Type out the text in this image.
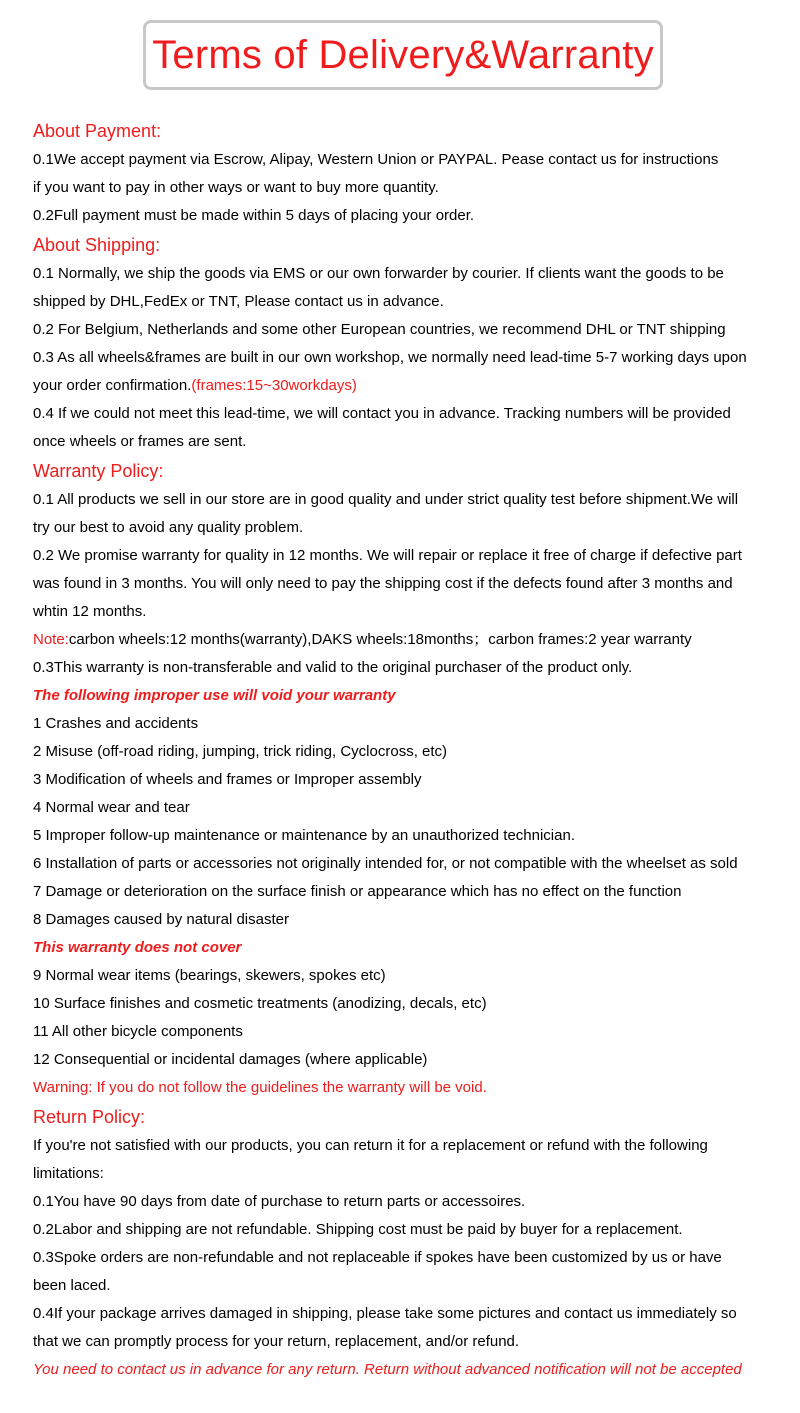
Terms of Delivery&Warranty
About Payment:
0.1We accept payment via Escrow, Alipay, Western Union or PAYPAL. Pease contact us for instructions
if you want to pay in other ways or want to buy more quantity.
0.2Full payment must be made within 5 days of placing your order.
About Shipping:
0.1 Normally, we ship the goods via EMS or our own forwarder by courier. If clients want the goods to be
shipped by DHL,FedEx or TNT, Please contact us in advance.
0.2 For Belgium, Netherlands and some other European countries, we recommend DHL or TNT shipping
0.3 As all wheels&frames are built in our own workshop, we normally need lead-time 5-7 working days upon
your order confirmation.(frames:15~30workdays)
0.4 If we could not meet this lead-time, we will contact you in advance. Tracking numbers will be provided
once wheels or frames are sent.
Warranty Policy:
0.1 All products we sell in our store are in good quality and under strict quality test before shipment.We will
try our best to avoid any quality problem.
0.2 We promise warranty for quality in 12 months. We will repair or replace it free of charge if defective part
was found in 3 months. You will only need to pay the shipping cost if the defects found after 3 months and
whtin 12 months.
Note:carbon wheels:12 months(warranty),DAKS wheels:18months；carbon frames:2 year warranty
0.3This warranty is non-transferable and valid to the original purchaser of the product only.
The following improper use will void your warranty
1 Crashes and accidents
2 Misuse (off-road riding, jumping, trick riding, Cyclocross, etc)
3 Modification of wheels and frames or Improper assembly
4 Normal wear and tear
5 Improper follow-up maintenance or maintenance by an unauthorized technician.
6 Installation of parts or accessories not originally intended for, or not compatible with the wheelset as sold
7 Damage or deterioration on the surface finish or appearance which has no effect on the function
8 Damages caused by natural disaster
This warranty does not cover
9 Normal wear items (bearings, skewers, spokes etc)
10 Surface finishes and cosmetic treatments (anodizing, decals, etc)
11 All other bicycle components
12 Consequential or incidental damages (where applicable)
Warning: If you do not follow the guidelines the warranty will be void.
Return Policy:
If you're not satisfied with our products, you can return it for a replacement or refund with the following
limitations:
0.1You have 90 days from date of purchase to return parts or accessoires.
0.2Labor and shipping are not refundable. Shipping cost must be paid by buyer for a replacement.
0.3Spoke orders are non-refundable and not replaceable if spokes have been customized by us or have
been laced.
0.4If your package arrives damaged in shipping, please take some pictures and contact us immediately so
that we can promptly process for your return, replacement, and/or refund.
You need to contact us in advance for any return. Return without advanced notification will not be accepted
